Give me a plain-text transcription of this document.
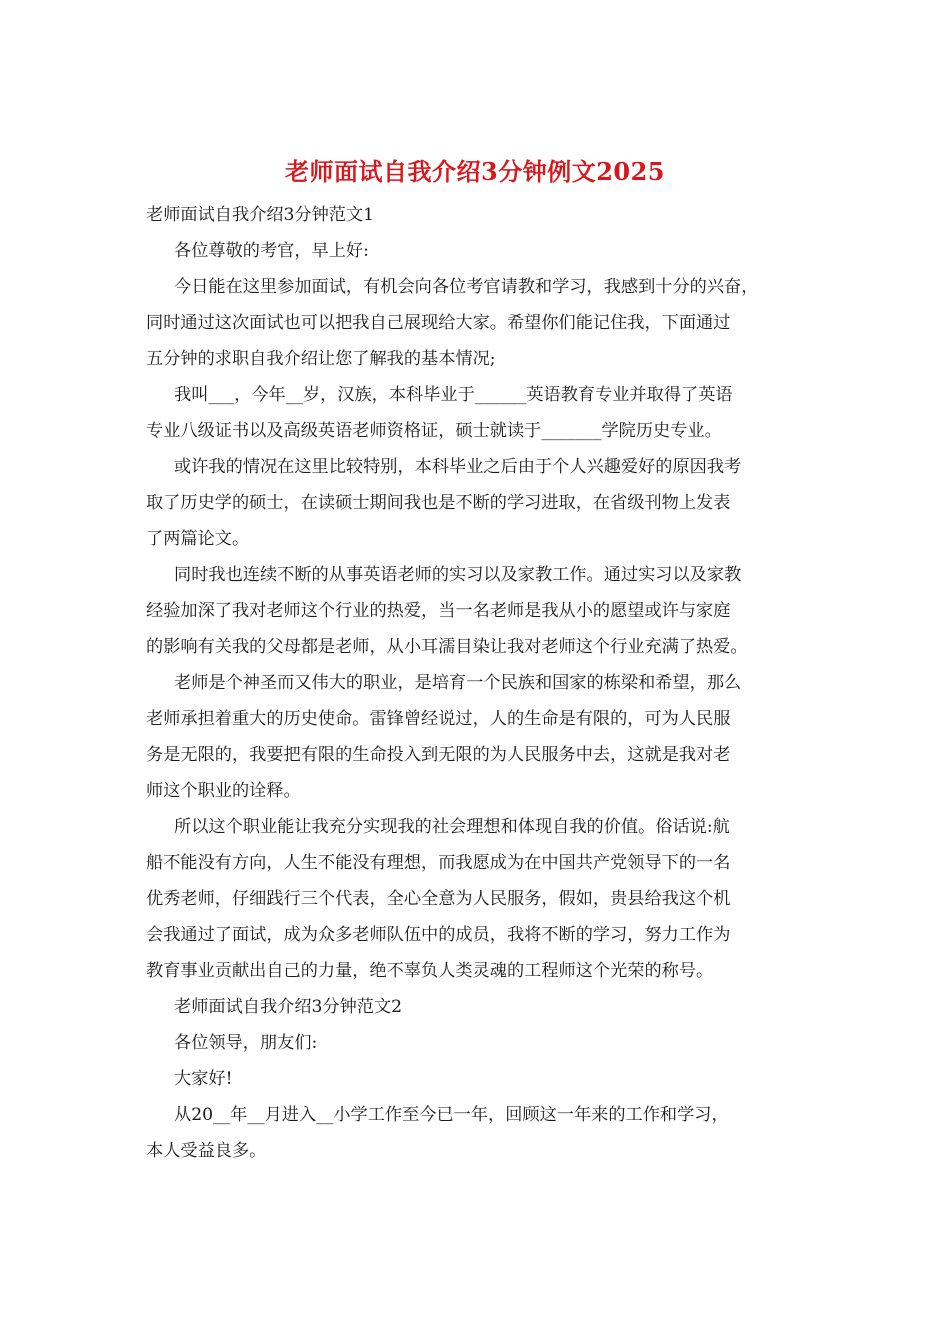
老师面试自我介绍3分钟例文2025
老师面试自我介绍3分钟范文1
各位尊敬的考官，早上好:
今日能在这里参加面试，有机会向各位考官请教和学习，我感到十分的兴奋，
同时通过这次面试也可以把我自己展现给大家。希望你们能记住我，下面通过
五分钟的求职自我介绍让您了解我的基本情况;
我叫___，今年__岁，汉族，本科毕业于______英语教育专业并取得了英语
专业八级证书以及高级英语老师资格证，硕士就读于_______学院历史专业。
或许我的情况在这里比较特别，本科毕业之后由于个人兴趣爱好的原因我考
取了历史学的硕士，在读硕士期间我也是不断的学习进取，在省级刊物上发表
了两篇论文。
同时我也连续不断的从事英语老师的实习以及家教工作。通过实习以及家教
经验加深了我对老师这个行业的热爱，当一名老师是我从小的愿望或许与家庭
的影响有关我的父母都是老师，从小耳濡目染让我对老师这个行业充满了热爱。
老师是个神圣而又伟大的职业，是培育一个民族和国家的栋梁和希望，那么
老师承担着重大的历史使命。雷锋曾经说过，人的生命是有限的，可为人民服
务是无限的，我要把有限的生命投入到无限的为人民服务中去，这就是我对老
师这个职业的诠释。
所以这个职业能让我充分实现我的社会理想和体现自我的价值。俗话说:航
船不能没有方向，人生不能没有理想，而我愿成为在中国共产党领导下的一名
优秀老师，仔细践行三个代表，全心全意为人民服务，假如，贵县给我这个机
会我通过了面试，成为众多老师队伍中的成员，我将不断的学习，努力工作为
教育事业贡献出自己的力量，绝不辜负人类灵魂的工程师这个光荣的称号。
老师面试自我介绍3分钟范文2
各位领导，朋友们:
大家好!
从20__年__月进入__小学工作至今已一年，回顾这一年来的工作和学习，
本人受益良多。
